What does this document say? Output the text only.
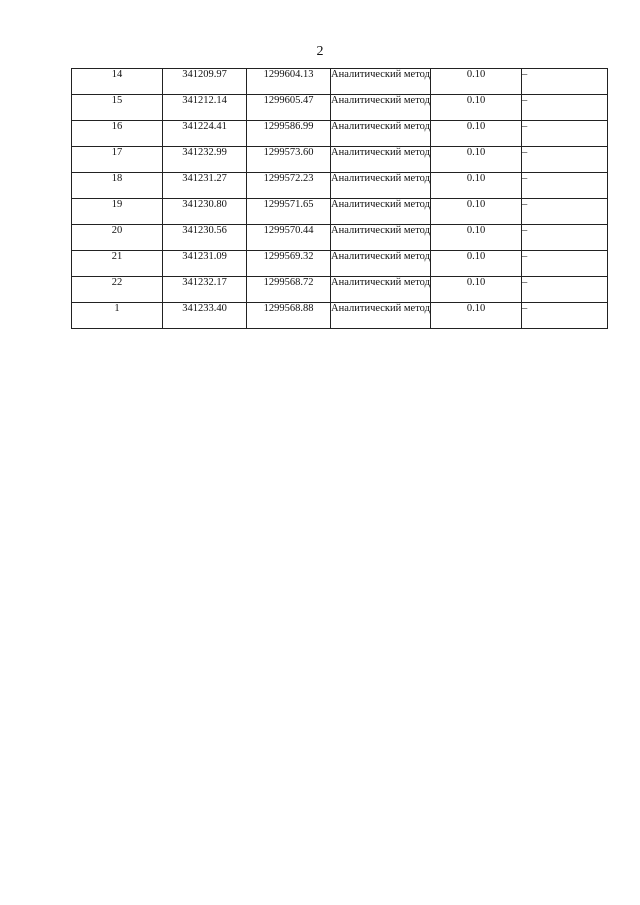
2
14	341209.97	1299604.13	Аналитический метод	0.10	–
15	341212.14	1299605.47	Аналитический метод	0.10	–
16	341224.41	1299586.99	Аналитический метод	0.10	–
17	341232.99	1299573.60	Аналитический метод	0.10	–
18	341231.27	1299572.23	Аналитический метод	0.10	–
19	341230.80	1299571.65	Аналитический метод	0.10	–
20	341230.56	1299570.44	Аналитический метод	0.10	–
21	341231.09	1299569.32	Аналитический метод	0.10	–
22	341232.17	1299568.72	Аналитический метод	0.10	–
1	341233.40	1299568.88	Аналитический метод	0.10	–
